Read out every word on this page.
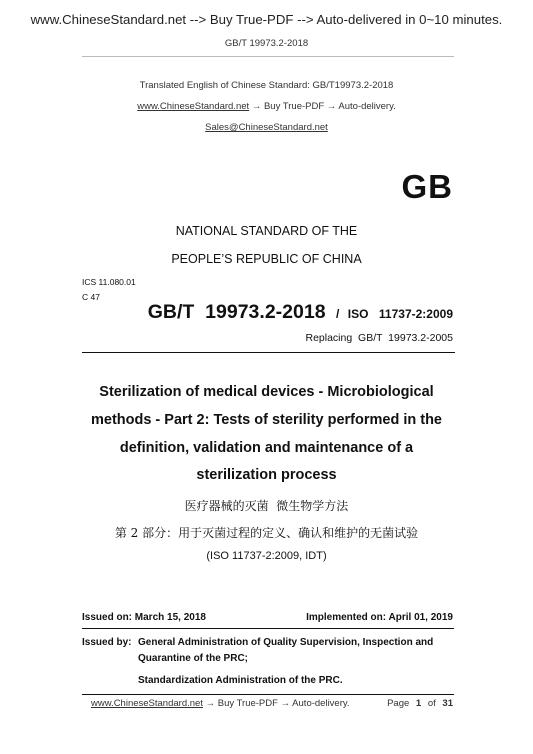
www.ChineseStandard.net --> Buy True-PDF --> Auto-delivered in 0~10 minutes.
GB/T 19973.2-2018
Translated English of Chinese Standard: GB/T19973.2-2018
www.ChineseStandard.net → Buy True-PDF → Auto-delivery.
Sales@ChineseStandard.net
GB
NATIONAL STANDARD OF THE
PEOPLE’S REPUBLIC OF CHINA
ICS 11.080.01
C 47
GB/T  19973.2-2018 / ISO 11737-2:2009
Replacing  GB/T  19973.2-2005
Sterilization of medical devices - Microbiological
methods - Part 2: Tests of sterility performed in the
definition, validation and maintenance of a
sterilization process
医疗器械的灭菌  微生物学方法
第 2 部分：用于灭菌过程的定义、确认和维护的无菌试验
(ISO 11737-2:2009, IDT)
Issued on: March 15, 2018	Implemented on: April 01, 2019
Issued by: General Administration of Quality Supervision, Inspection and
Quarantine of the PRC;
Standardization Administration of the PRC.
www.ChineseStandard.net → Buy True-PDF → Auto-delivery.	Page 1 of 31
